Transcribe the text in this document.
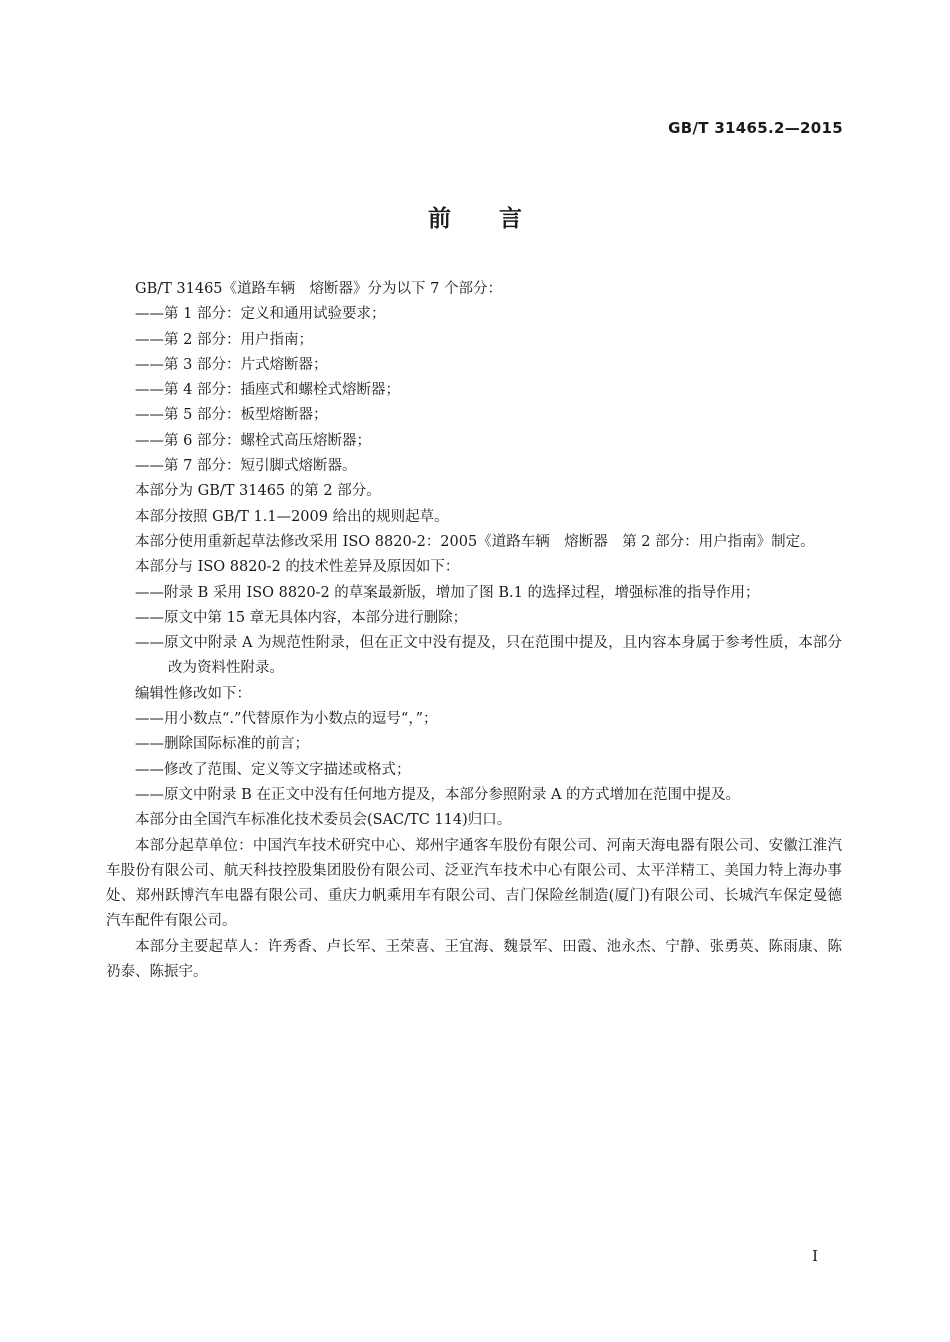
GB/T 31465.2—2015
前言

GB/T 31465《道路车辆　熔断器》分为以下 7 个部分：

——第 1 部分：定义和通用试验要求；

——第 2 部分：用户指南；

——第 3 部分：片式熔断器；

——第 4 部分：插座式和螺栓式熔断器；

——第 5 部分：板型熔断器；

——第 6 部分：螺栓式高压熔断器；

——第 7 部分：短引脚式熔断器。

本部分为 GB/T 31465 的第 2 部分。

本部分按照 GB/T 1.1—2009 给出的规则起草。

本部分使用重新起草法修改采用 ISO 8820-2：2005《道路车辆　熔断器　第 2 部分：用户指南》制定。

本部分与 ISO 8820-2 的技术性差异及原因如下：

——附录 B 采用 ISO 8820-2 的草案最新版，增加了图 B.1 的选择过程，增强标准的指导作用；

——原文中第 15 章无具体内容，本部分进行删除；

——原文中附录 A 为规范性附录，但在正文中没有提及，只在范围中提及，且内容本身属于参考性质，本部分改为资料性附录。

编辑性修改如下：

——用小数点“.”代替原作为小数点的逗号“，”；

——删除国际标准的前言；

——修改了范围、定义等文字描述或格式；

——原文中附录 B 在正文中没有任何地方提及，本部分参照附录 A 的方式增加在范围中提及。

本部分由全国汽车标准化技术委员会(SAC/TC 114)归口。

本部分起草单位：中国汽车技术研究中心、郑州宇通客车股份有限公司、河南天海电器有限公司、安徽江淮汽车股份有限公司、航天科技控股集团股份有限公司、泛亚汽车技术中心有限公司、太平洋精工、美国力特上海办事处、郑州跃博汽车电器有限公司、重庆力帆乘用车有限公司、吉门保险丝制造(厦门)有限公司、长城汽车保定曼德汽车配件有限公司。

本部分主要起草人：许秀香、卢长军、王荣喜、王宜海、魏景军、田霞、池永杰、宁静、张勇英、陈雨康、陈礽泰、陈振宇。

I
